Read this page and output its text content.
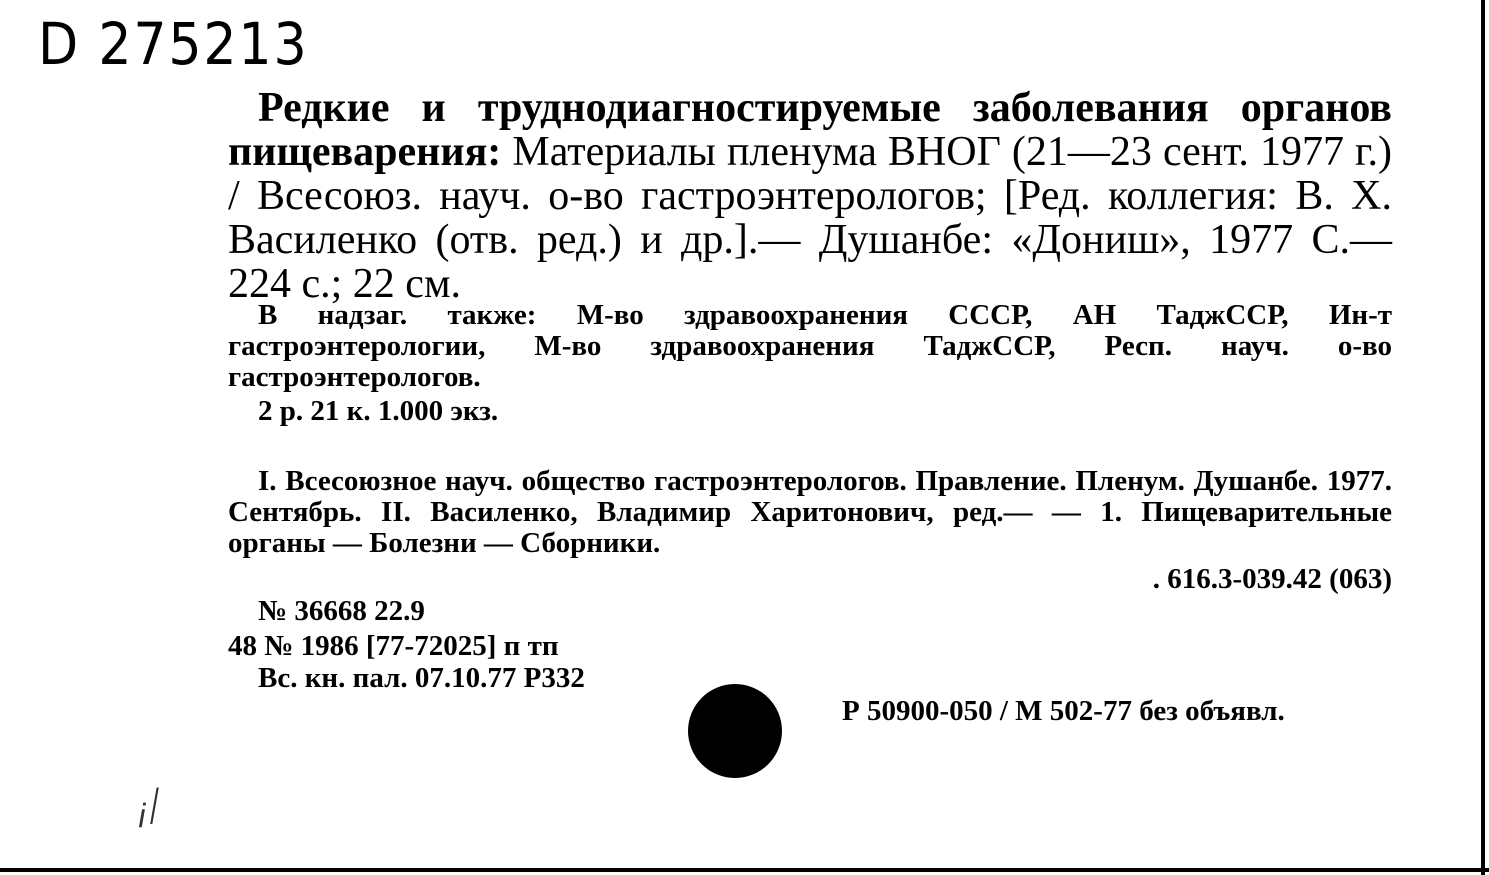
D 275213
Редкие и труднодиагностируемые заболевания органов пищеварения: Материалы пленума ВНОГ (21—23 сент. 1977 г.) / Всесоюз. науч. о-во гастроэнтерологов; [Ред. коллегия: В. Х. Василенко (отв. ред.) и др.].— Душанбе: «Дониш», 1977 С.— 224 с.; 22 см.
В надзаг. также: М-во здравоохранения СССР, АН ТаджССР, Ин-т гастроэнтерологии, М-во здравоохранения ТаджССР, Респ. науч. о-во гастроэнтерологов.
2 р. 21 к. 1.000 экз.
I. Всесоюзное науч. общество гастроэнтерологов. Правление. Пленум. Душанбе. 1977. Сентябрь. II. Василенко, Владимир Харитонович, ред.— — 1. Пищеварительные органы — Болезни — Сборники.
. 616.3-039.42 (063)
№ 36668 22.9
48 № 1986 [77-72025] п тп
Вс. кн. пал. 07.10.77 Р332
Р 50900-050 / М 502-77 без объявл.
ᵢl
